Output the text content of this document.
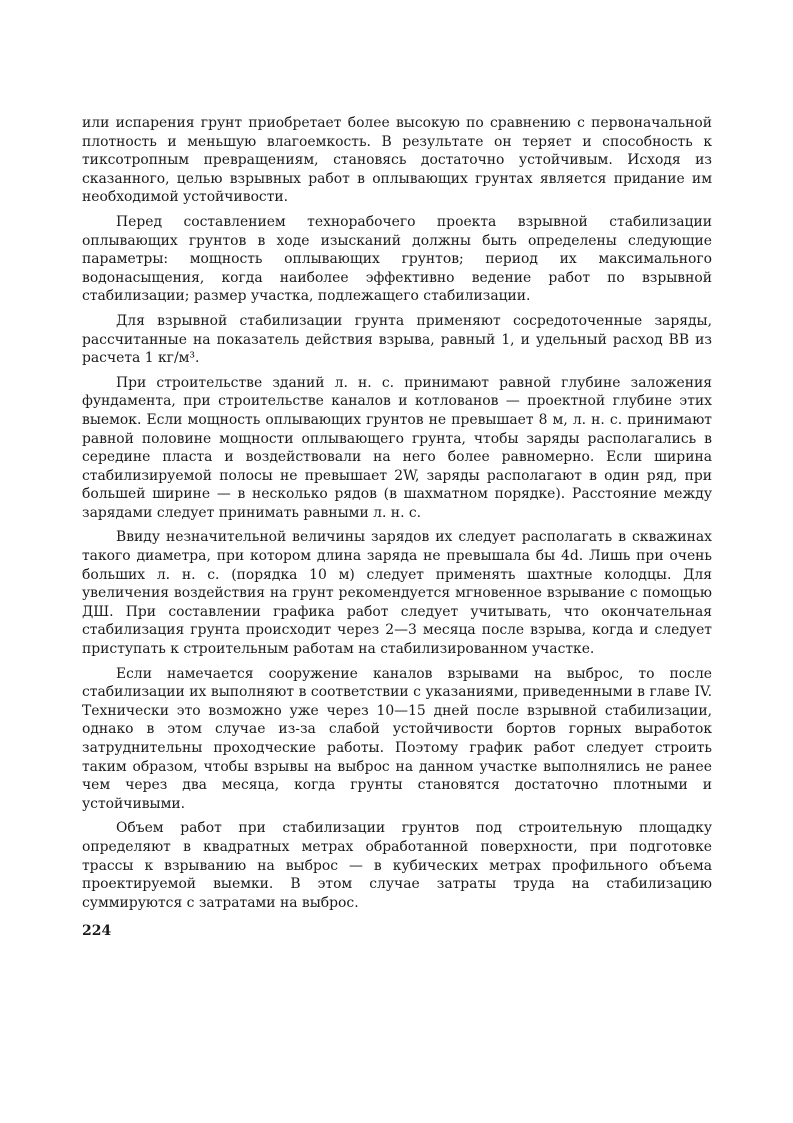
или испарения грунт приобретает более высокую по сравнению с первоначальной плотность и меньшую влагоемкость. В результате он теряет и способность к тиксотропным превращениям, становясь достаточно устойчивым. Исходя из сказанного, целью взрывных работ в оплывающих грунтах является придание им необходимой устойчивости.

Перед составлением технорабочего проекта взрывной стабилизации оплывающих грунтов в ходе изысканий должны быть определены следующие параметры: мощность оплывающих грунтов; период их максимального водонасыщения, когда наиболее эффективно ведение работ по взрывной стабилизации; размер участка, подлежащего стабилизации.

Для взрывной стабилизации грунта применяют сосредоточенные заряды, рассчитанные на показатель действия взрыва, равный 1, и удельный расход ВВ из расчета 1 кг/м³.

При строительстве зданий л. н. с. принимают равной глубине заложения фундамента, при строительстве каналов и котлованов — проектной глубине этих выемок. Если мощность оплывающих грунтов не превышает 8 м, л. н. с. принимают равной половине мощности оплывающего грунта, чтобы заряды располагались в середине пласта и воздействовали на него более равномерно. Если ширина стабилизируемой полосы не превышает 2W, заряды располагают в один ряд, при большей ширине — в несколько рядов (в шахматном порядке). Расстояние между зарядами следует принимать равными л. н. с.

Ввиду незначительной величины зарядов их следует располагать в скважинах такого диаметра, при котором длина заряда не превышала бы 4d. Лишь при очень больших л. н. с. (порядка 10 м) следует применять шахтные колодцы. Для увеличения воздействия на грунт рекомендуется мгновенное взрывание с помощью ДШ. При составлении графика работ следует учитывать, что окончательная стабилизация грунта происходит через 2—3 месяца после взрыва, когда и следует приступать к строительным работам на стабилизированном участке.

Если намечается сооружение каналов взрывами на выброс, то после стабилизации их выполняют в соответствии с указаниями, приведенными в главе IV. Технически это возможно уже через 10—15 дней после взрывной стабилизации, однако в этом случае из-за слабой устойчивости бортов горных выработок затруднительны проходческие работы. Поэтому график работ следует строить таким образом, чтобы взрывы на выброс на данном участке выполнялись не ранее чем через два месяца, когда грунты становятся достаточно плотными и устойчивыми.

Объем работ при стабилизации грунтов под строительную площадку определяют в квадратных метрах обработанной поверхности, при подготовке трассы к взрыванию на выброс — в кубических метрах профильного объема проектируемой выемки. В этом случае затраты труда на стабилизацию суммируются с затратами на выброс.

224
